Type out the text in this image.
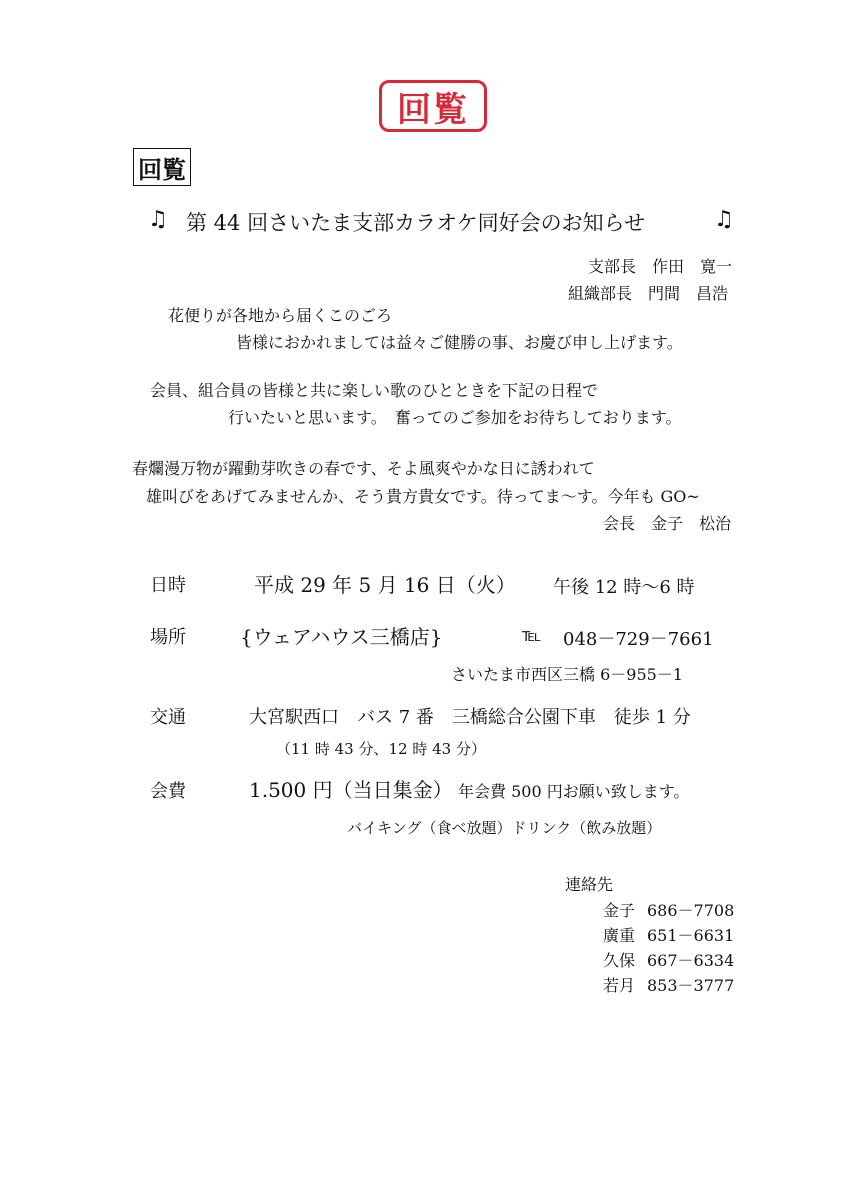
回覧
回覧
♫ 第 44 回さいたま支部カラオケ同好会のお知らせ	♫
支部長　 作田　寛一
組織部長　 門間　昌浩
花便りが各地から届くこのごろ
皆様におかれましては益々ご健勝の事、お慶び申し上げます。
会員、組合員の皆様と共に楽しい歌のひとときを下記の日程で
行いたいと思います。　奮ってのご参加をお待ちしております。
春爛漫万物が躍動芽吹きの春です、そよ風爽やかな日に誘われて
雄叫びをあげてみませんか、そう貴方貴女です。待ってま～す。今年も GO~
会長　金子　松治
日時	平成 29 年 5 月 16 日（火） 午後 12 時～6 時
場所	{ウェアハウス三橋店}	℡ 048－729－7661
さいたま市西区三橋 6－955－1
交通	大宮駅西口　バス 7 番　三橋総合公園下車　徒歩 1 分
（11 時 43 分、12 時 43 分）
会費	1.500 円（当日集金） 年会費 500 円お願い致します。
バイキング（食べ放題）ドリンク（飲み放題）
連絡先
金子 686－7708
廣重 651－6631
久保 667－6334
若月 853－3777
